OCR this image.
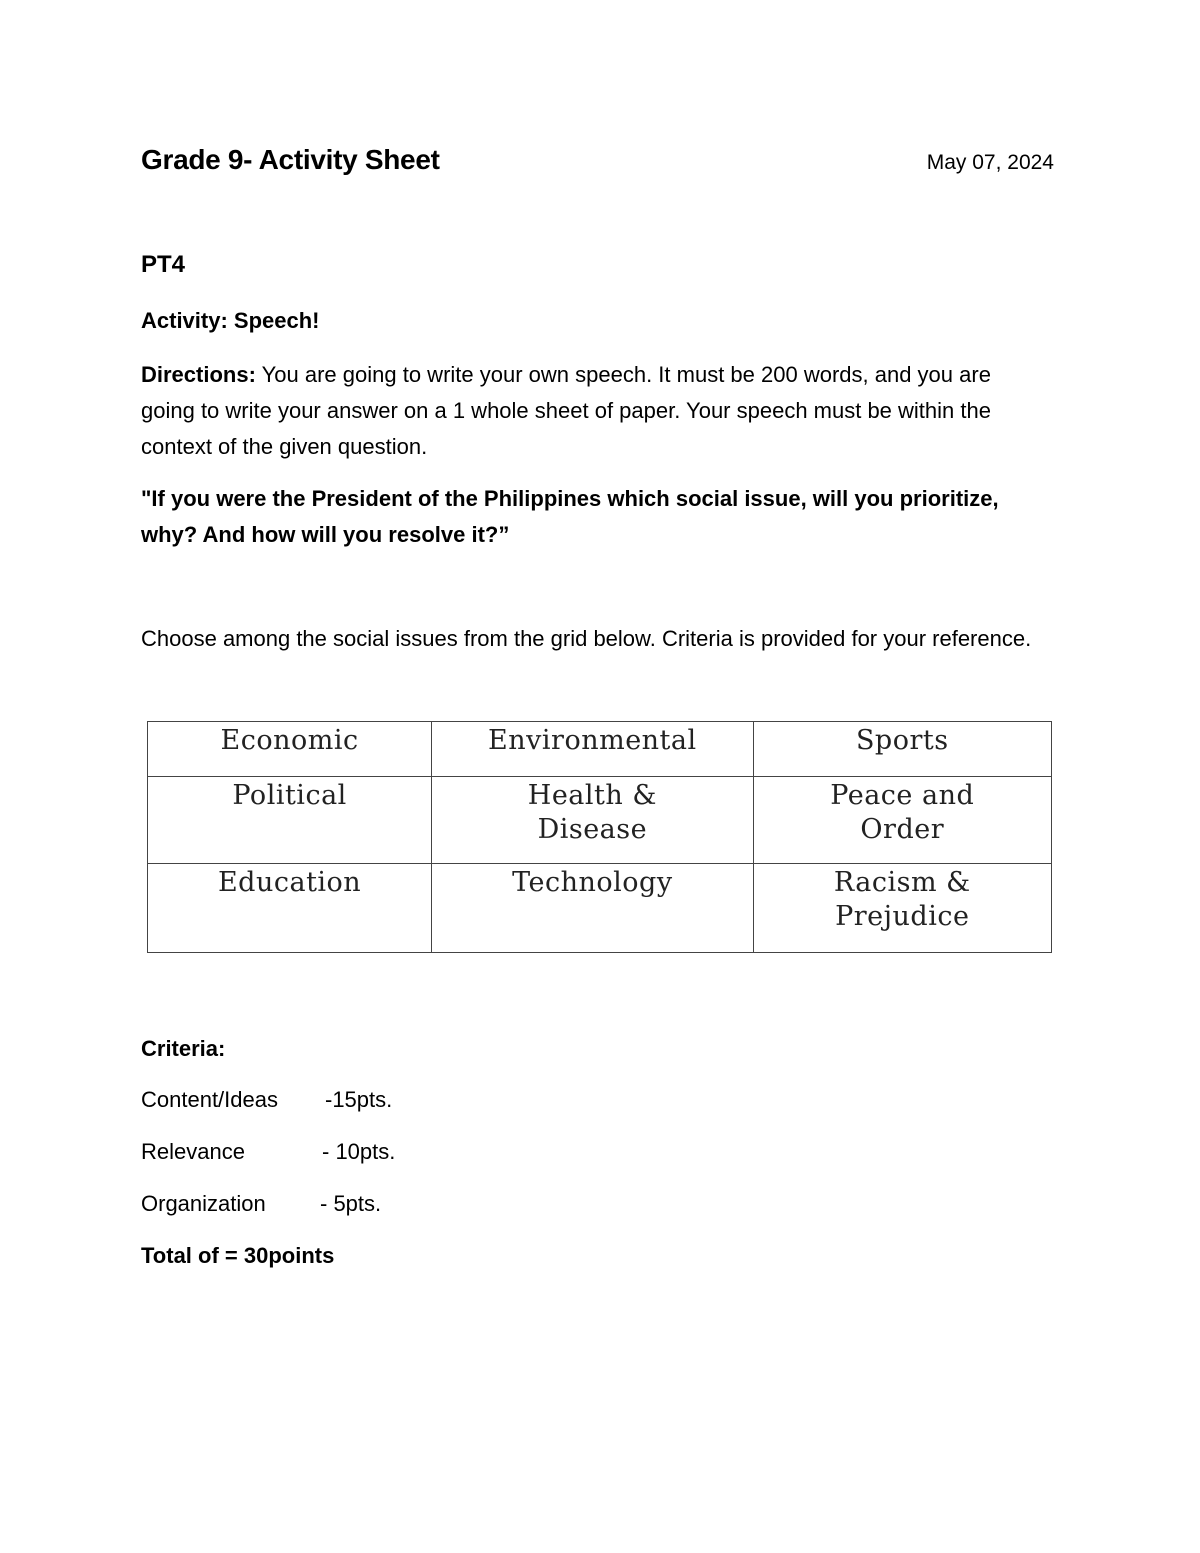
Grade 9- Activity Sheet	May 07, 2024
PT4
Activity: Speech!
Directions: You are going to write your own speech. It must be 200 words, and you are going to write your answer on a 1 whole sheet of paper. Your speech must be within the context of the given question.
"If you were the President of the Philippines which social issue, will you prioritize, why? And how will you resolve it?”
Choose among the social issues from the grid below. Criteria is provided for your reference.
Economic	Environmental	Sports
Political	Health & Disease	Peace and Order
Education	Technology	Racism & Prejudice
Criteria:
Content/Ideas -15pts.
Relevance	- 10pts.
Organization - 5pts.
Total of = 30points
